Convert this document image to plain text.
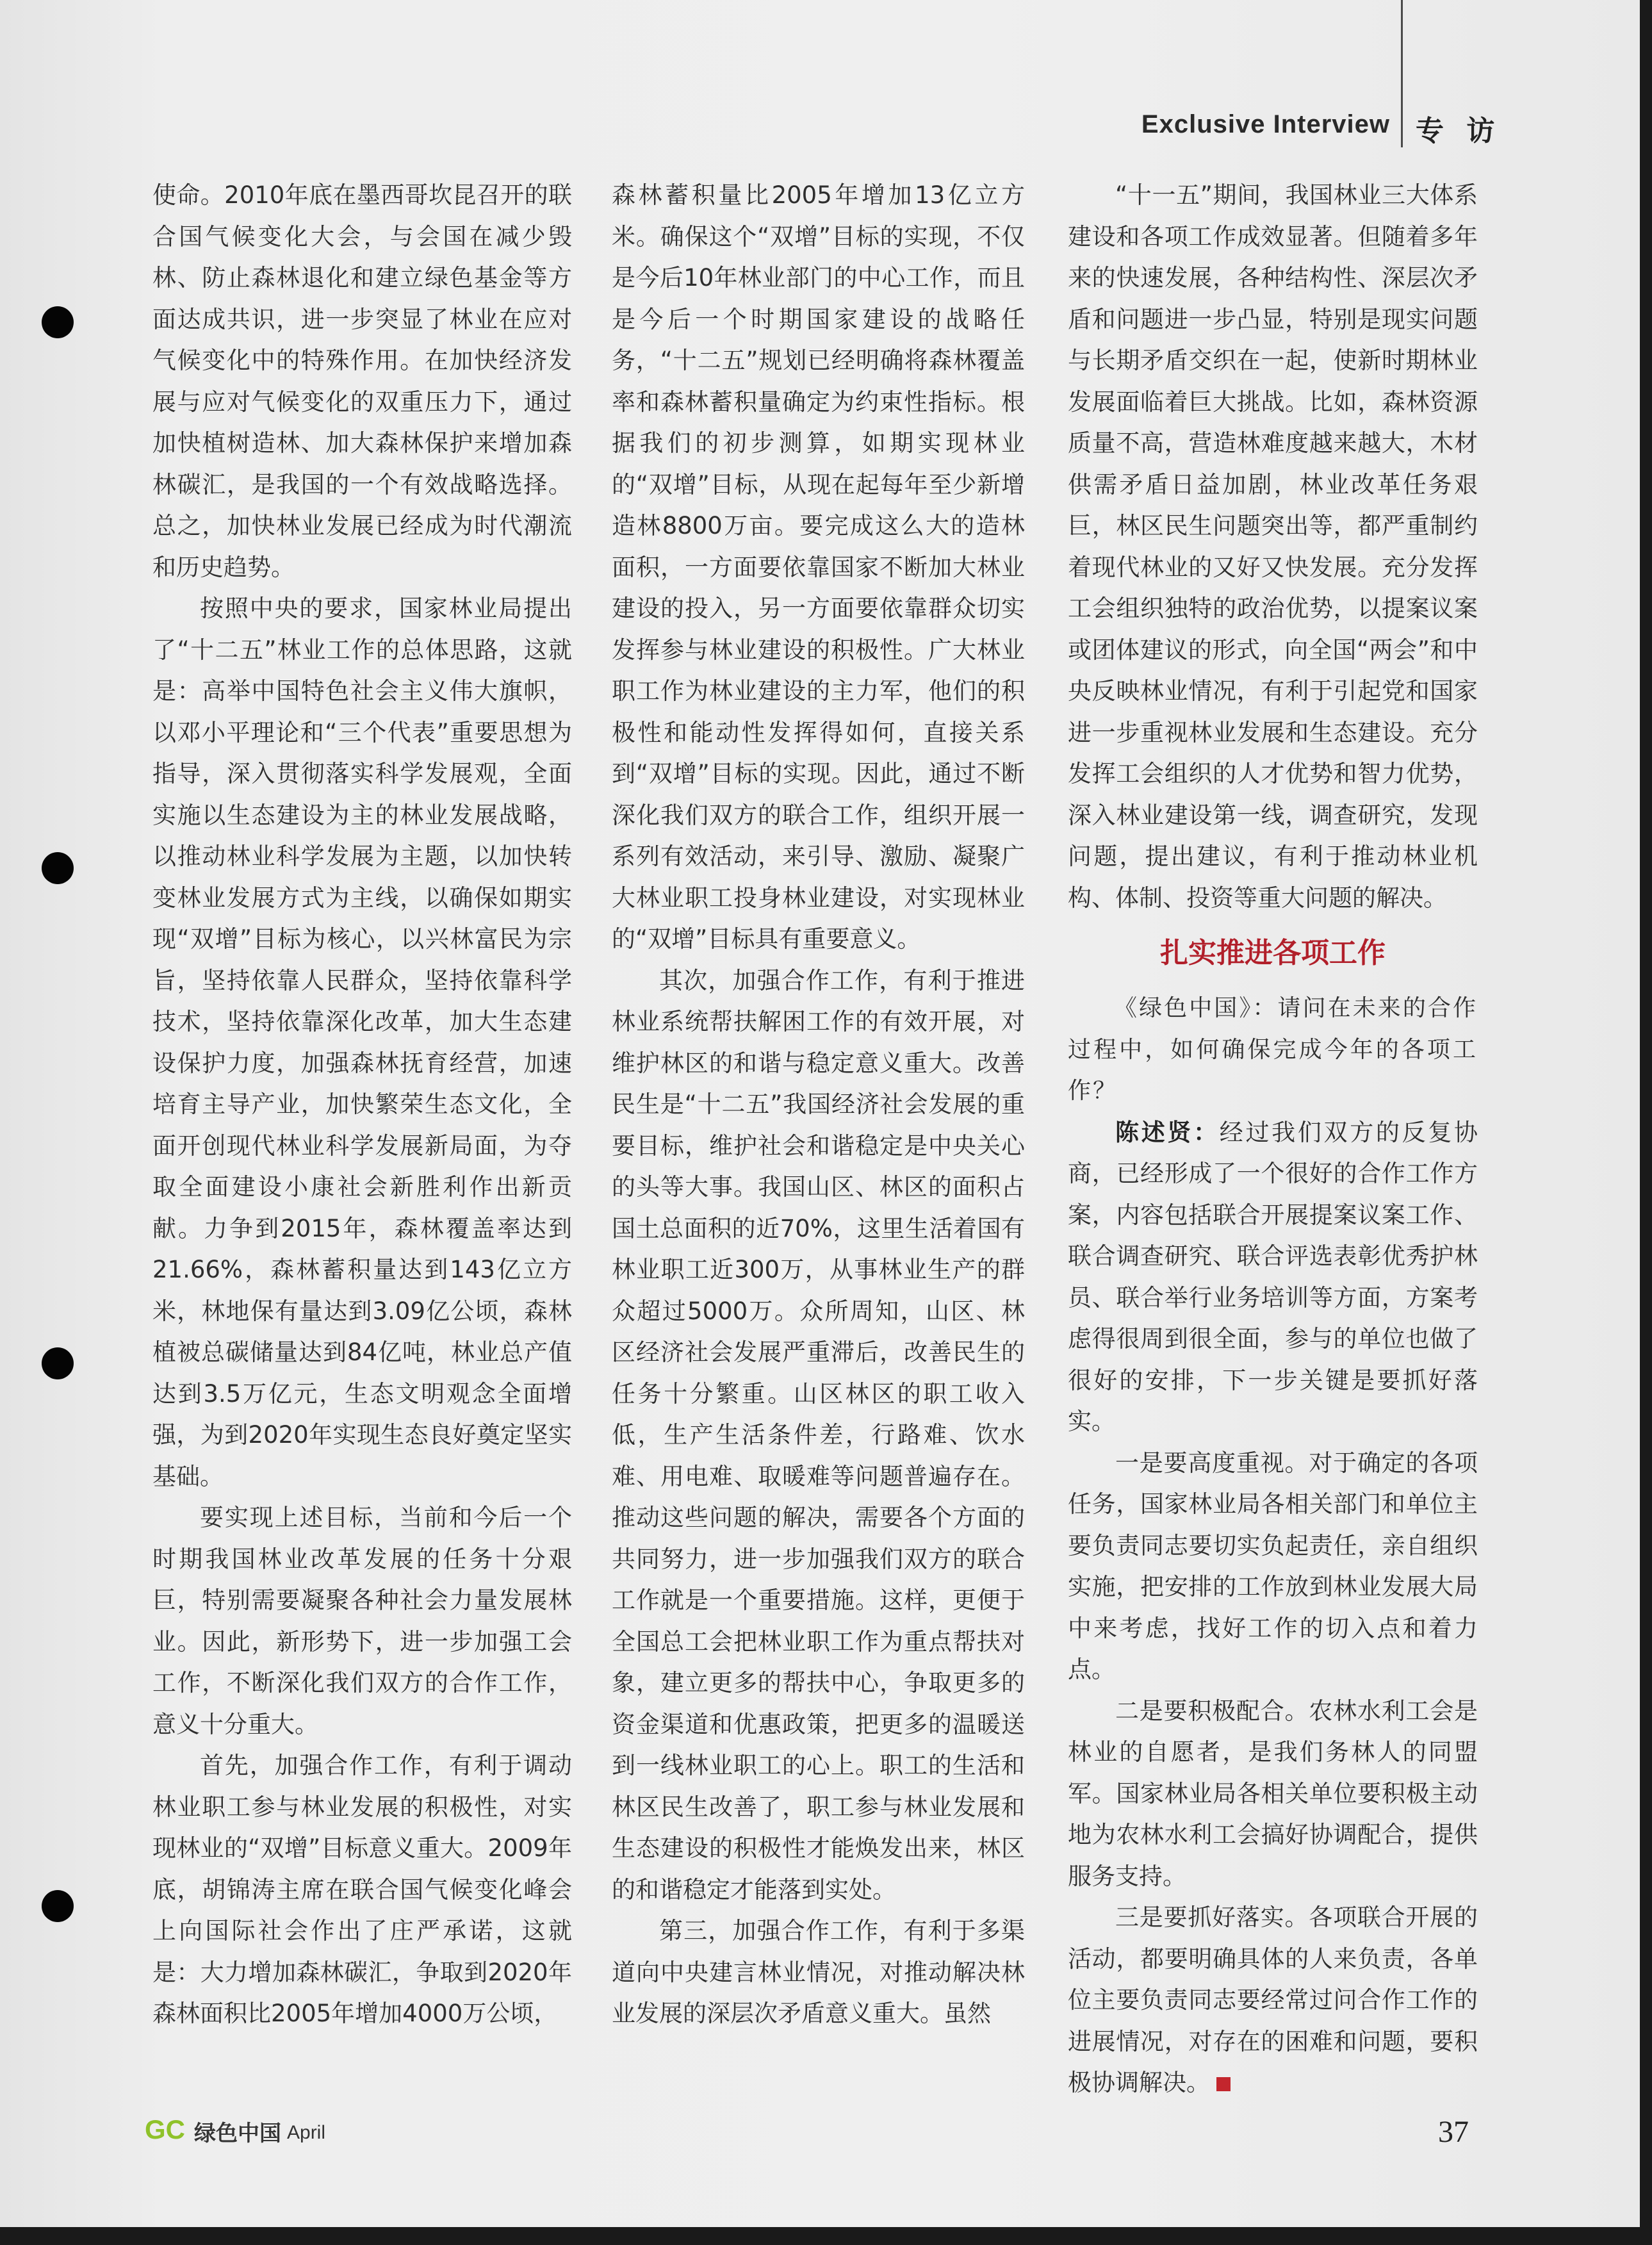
Exclusive Interview 专 访

使命。2010年底在墨西哥坎昆召开的联合国气候变化大会，与会国在减少毁林、防止森林退化和建立绿色基金等方面达成共识，进一步突显了林业在应对气候变化中的特殊作用。在加快经济发展与应对气候变化的双重压力下，通过加快植树造林、加大森林保护来增加森林碳汇，是我国的一个有效战略选择。总之，加快林业发展已经成为时代潮流和历史趋势。

按照中央的要求，国家林业局提出了“十二五”林业工作的总体思路，这就是：高举中国特色社会主义伟大旗帜，以邓小平理论和“三个代表”重要思想为指导，深入贯彻落实科学发展观，全面实施以生态建设为主的林业发展战略，以推动林业科学发展为主题，以加快转变林业发展方式为主线，以确保如期实现“双增”目标为核心，以兴林富民为宗旨，坚持依靠人民群众，坚持依靠科学技术，坚持依靠深化改革，加大生态建设保护力度，加强森林抚育经营，加速培育主导产业，加快繁荣生态文化，全面开创现代林业科学发展新局面，为夺取全面建设小康社会新胜利作出新贡献。力争到2015年，森林覆盖率达到21.66%，森林蓄积量达到143亿立方米，林地保有量达到3.09亿公顷，森林植被总碳储量达到84亿吨，林业总产值达到3.5万亿元，生态文明观念全面增强，为到2020年实现生态良好奠定坚实基础。

要实现上述目标，当前和今后一个时期我国林业改革发展的任务十分艰巨，特别需要凝聚各种社会力量发展林业。因此，新形势下，进一步加强工会工作，不断深化我们双方的合作工作，意义十分重大。

首先，加强合作工作，有利于调动林业职工参与林业发展的积极性，对实现林业的“双增”目标意义重大。2009年底，胡锦涛主席在联合国气候变化峰会上向国际社会作出了庄严承诺，这就是：大力增加森林碳汇，争取到2020年森林面积比2005年增加4000万公顷，

森林蓄积量比2005年增加13亿立方米。确保这个“双增”目标的实现，不仅是今后10年林业部门的中心工作，而且是今后一个时期国家建设的战略任务，“十二五”规划已经明确将森林覆盖率和森林蓄积量确定为约束性指标。根据我们的初步测算，如期实现林业的“双增”目标，从现在起每年至少新增造林8800万亩。要完成这么大的造林面积，一方面要依靠国家不断加大林业建设的投入，另一方面要依靠群众切实发挥参与林业建设的积极性。广大林业职工作为林业建设的主力军，他们的积极性和能动性发挥得如何，直接关系到“双增”目标的实现。因此，通过不断深化我们双方的联合工作，组织开展一系列有效活动，来引导、激励、凝聚广大林业职工投身林业建设，对实现林业的“双增”目标具有重要意义。

其次，加强合作工作，有利于推进林业系统帮扶解困工作的有效开展，对维护林区的和谐与稳定意义重大。改善民生是“十二五”我国经济社会发展的重要目标，维护社会和谐稳定是中央关心的头等大事。我国山区、林区的面积占国土总面积的近70%，这里生活着国有林业职工近300万，从事林业生产的群众超过5000万。众所周知，山区、林区经济社会发展严重滞后，改善民生的任务十分繁重。山区林区的职工收入低，生产生活条件差，行路难、饮水难、用电难、取暖难等问题普遍存在。推动这些问题的解决，需要各个方面的共同努力，进一步加强我们双方的联合工作就是一个重要措施。这样，更便于全国总工会把林业职工作为重点帮扶对象，建立更多的帮扶中心，争取更多的资金渠道和优惠政策，把更多的温暖送到一线林业职工的心上。职工的生活和林区民生改善了，职工参与林业发展和生态建设的积极性才能焕发出来，林区的和谐稳定才能落到实处。

第三，加强合作工作，有利于多渠道向中央建言林业情况，对推动解决林业发展的深层次矛盾意义重大。虽然

“十一五”期间，我国林业三大体系建设和各项工作成效显著。但随着多年来的快速发展，各种结构性、深层次矛盾和问题进一步凸显，特别是现实问题与长期矛盾交织在一起，使新时期林业发展面临着巨大挑战。比如，森林资源质量不高，营造林难度越来越大，木材供需矛盾日益加剧，林业改革任务艰巨，林区民生问题突出等，都严重制约着现代林业的又好又快发展。充分发挥工会组织独特的政治优势，以提案议案或团体建议的形式，向全国“两会”和中央反映林业情况，有利于引起党和国家进一步重视林业发展和生态建设。充分发挥工会组织的人才优势和智力优势，深入林业建设第一线，调查研究，发现问题，提出建议，有利于推动林业机构、体制、投资等重大问题的解决。

扎实推进各项工作

《绿色中国》：请问在未来的合作过程中，如何确保完成今年的各项工作？

陈述贤：经过我们双方的反复协商，已经形成了一个很好的合作工作方案，内容包括联合开展提案议案工作、联合调查研究、联合评选表彰优秀护林员、联合举行业务培训等方面，方案考虑得很周到很全面，参与的单位也做了很好的安排，下一步关键是要抓好落实。

一是要高度重视。对于确定的各项任务，国家林业局各相关部门和单位主要负责同志要切实负起责任，亲自组织实施，把安排的工作放到林业发展大局中来考虑，找好工作的切入点和着力点。

二是要积极配合。农林水利工会是林业的自愿者，是我们务林人的同盟军。国家林业局各相关单位要积极主动地为农林水利工会搞好协调配合，提供服务支持。

三是要抓好落实。各项联合开展的活动，都要明确具体的人来负责，各单位主要负责同志要经常过问合作工作的进展情况，对存在的困难和问题，要积极协调解决。

GC 绿色中国 April	37
